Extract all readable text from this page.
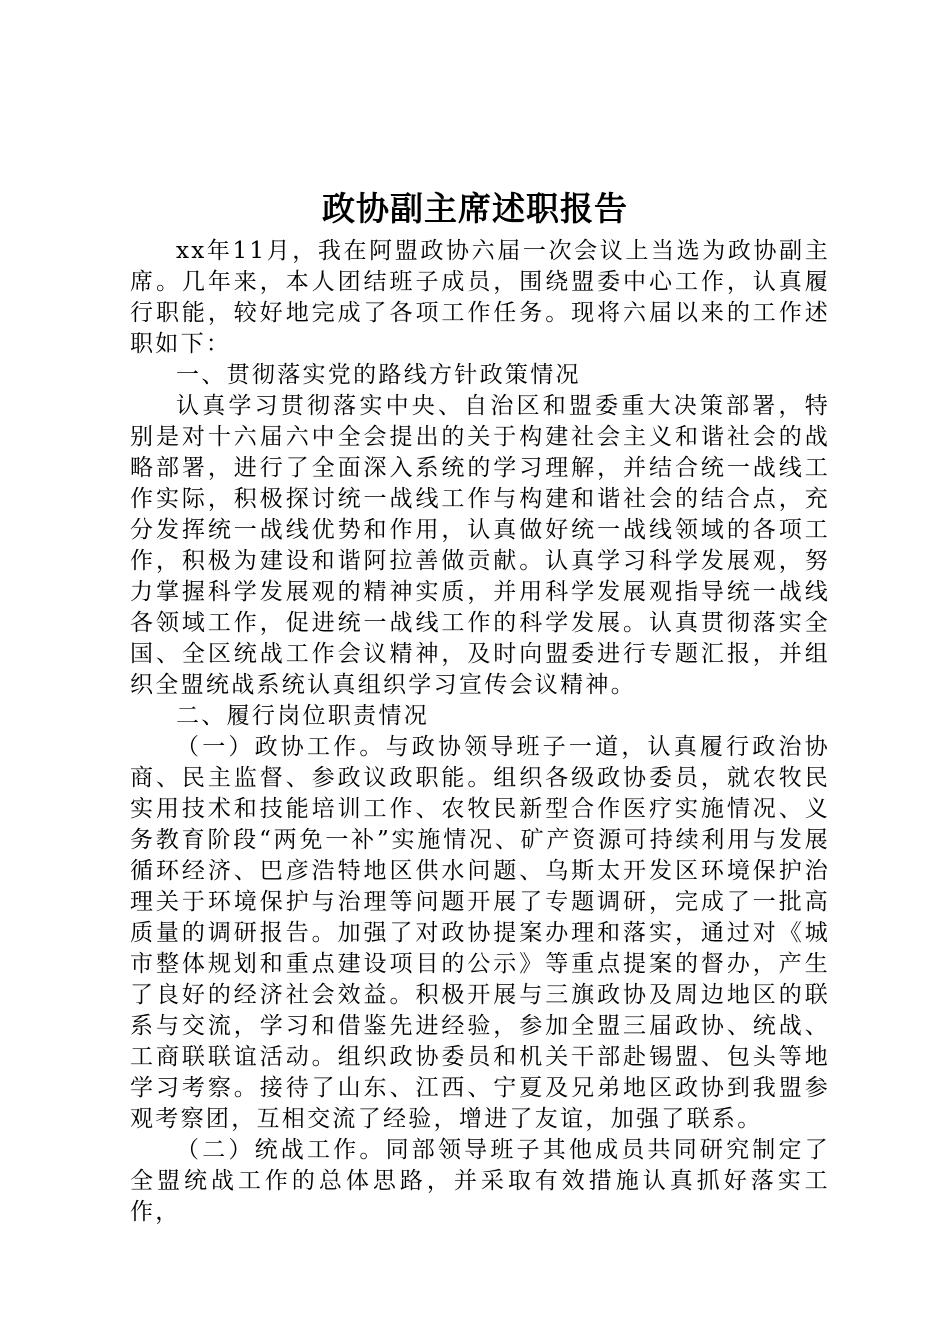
政协副主席述职报告

xx年11月，我在阿盟政协六届一次会议上当选为政协副主席。几年来，本人团结班子成员，围绕盟委中心工作，认真履行职能，较好地完成了各项工作任务。现将六届以来的工作述职如下：

一、贯彻落实党的路线方针政策情况

认真学习贯彻落实中央、自治区和盟委重大决策部署，特别是对十六届六中全会提出的关于构建社会主义和谐社会的战略部署，进行了全面深入系统的学习理解，并结合统一战线工作实际，积极探讨统一战线工作与构建和谐社会的结合点，充分发挥统一战线优势和作用，认真做好统一战线领域的各项工作，积极为建设和谐阿拉善做贡献。认真学习科学发展观，努力掌握科学发展观的精神实质，并用科学发展观指导统一战线各领域工作，促进统一战线工作的科学发展。认真贯彻落实全国、全区统战工作会议精神，及时向盟委进行专题汇报，并组织全盟统战系统认真组织学习宣传会议精神。

二、履行岗位职责情况

（一）政协工作。与政协领导班子一道，认真履行政治协商、民主监督、参政议政职能。组织各级政协委员，就农牧民实用技术和技能培训工作、农牧民新型合作医疗实施情况、义务教育阶段“两免一补”实施情况、矿产资源可持续利用与发展循环经济、巴彦浩特地区供水问题、乌斯太开发区环境保护治理关于环境保护与治理等问题开展了专题调研，完成了一批高质量的调研报告。加强了对政协提案办理和落实，通过对《城市整体规划和重点建设项目的公示》等重点提案的督办，产生了良好的经济社会效益。积极开展与三旗政协及周边地区的联系与交流，学习和借鉴先进经验，参加全盟三届政协、统战、工商联联谊活动。组织政协委员和机关干部赴锡盟、包头等地学习考察。接待了山东、江西、宁夏及兄弟地区政协到我盟参观考察团，互相交流了经验，增进了友谊，加强了联系。

（二）统战工作。同部领导班子其他成员共同研究制定了全盟统战工作的总体思路，并采取有效措施认真抓好落实工作，
